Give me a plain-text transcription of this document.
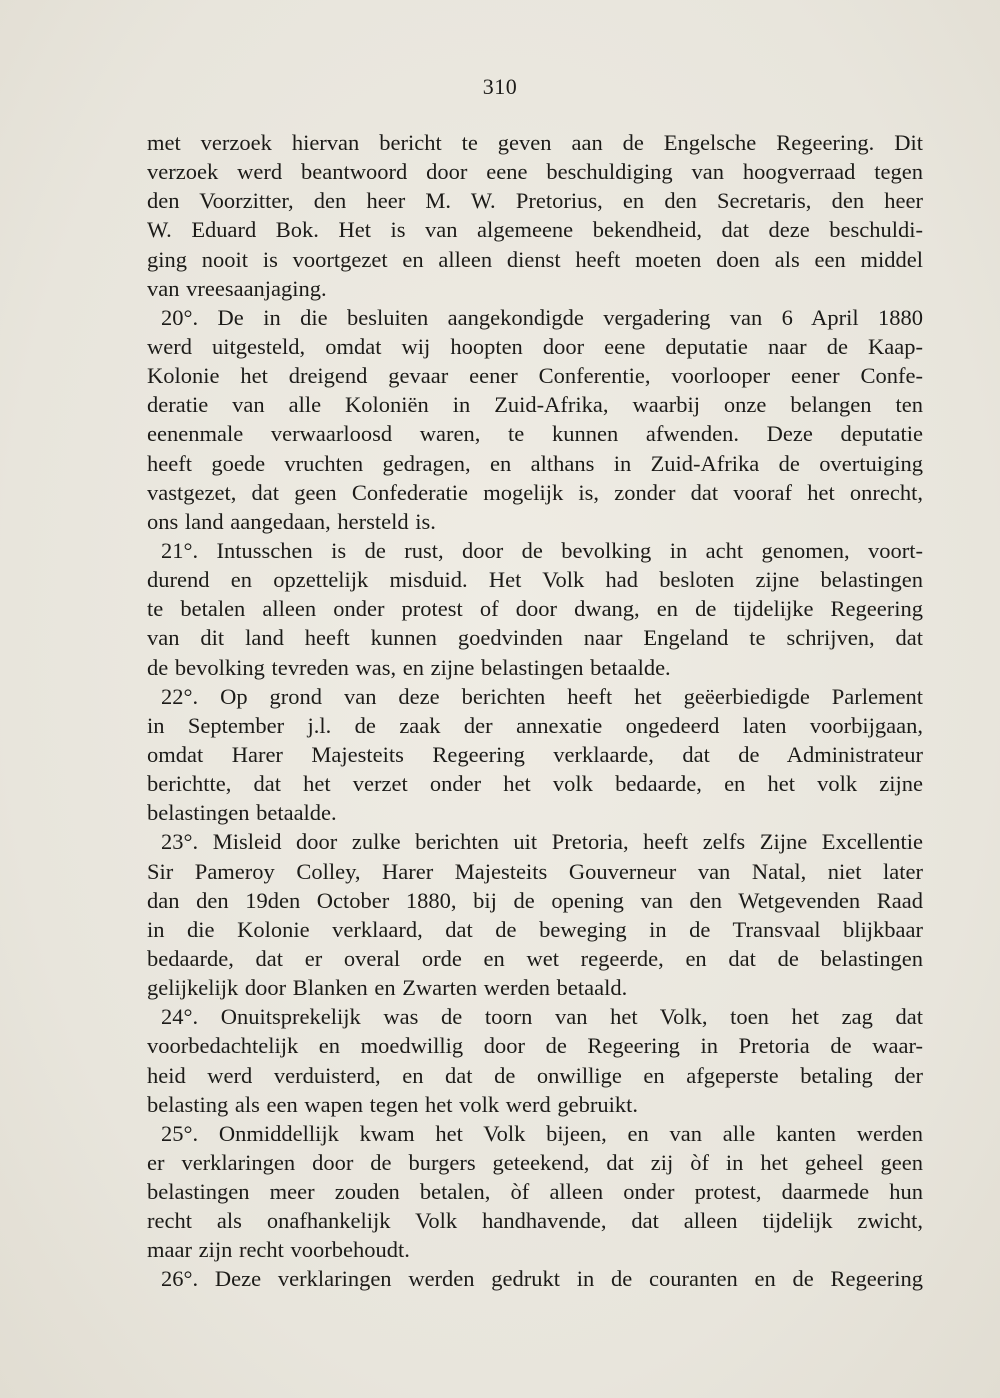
310
met verzoek hiervan bericht te geven aan de Engelsche Regeering. Dit
verzoek werd beantwoord door eene beschuldiging van hoogverraad tegen
den Voorzitter, den heer M. W. Pretorius, en den Secretaris, den heer
W. Eduard Bok. Het is van algemeene bekendheid, dat deze beschuldi-
ging nooit is voortgezet en alleen dienst heeft moeten doen als een middel
van vreesaanjaging.
20°. De in die besluiten aangekondigde vergadering van 6 April 1880
werd uitgesteld, omdat wij hoopten door eene deputatie naar de Kaap-
Kolonie het dreigend gevaar eener Conferentie, voorlooper eener Confe-
deratie van alle Koloniën in Zuid-Afrika, waarbij onze belangen ten
eenenmale verwaarloosd waren, te kunnen afwenden. Deze deputatie
heeft goede vruchten gedragen, en althans in Zuid-Afrika de overtuiging
vastgezet, dat geen Confederatie mogelijk is, zonder dat vooraf het onrecht,
ons land aangedaan, hersteld is.
21°. Intusschen is de rust, door de bevolking in acht genomen, voort-
durend en opzettelijk misduid. Het Volk had besloten zijne belastingen
te betalen alleen onder protest of door dwang, en de tijdelijke Regeering
van dit land heeft kunnen goedvinden naar Engeland te schrijven, dat
de bevolking tevreden was, en zijne belastingen betaalde.
22°. Op grond van deze berichten heeft het geëerbiedigde Parlement
in September j.l. de zaak der annexatie ongedeerd laten voorbijgaan,
omdat Harer Majesteits Regeering verklaarde, dat de Administrateur
berichtte, dat het verzet onder het volk bedaarde, en het volk zijne
belastingen betaalde.
23°. Misleid door zulke berichten uit Pretoria, heeft zelfs Zijne Excellentie
Sir Pameroy Colley, Harer Majesteits Gouverneur van Natal, niet later
dan den 19den October 1880, bij de opening van den Wetgevenden Raad
in die Kolonie verklaard, dat de beweging in de Transvaal blijkbaar
bedaarde, dat er overal orde en wet regeerde, en dat de belastingen
gelijkelijk door Blanken en Zwarten werden betaald.
24°. Onuitsprekelijk was de toorn van het Volk, toen het zag dat
voorbedachtelijk en moedwillig door de Regeering in Pretoria de waar-
heid werd verduisterd, en dat de onwillige en afgeperste betaling der
belasting als een wapen tegen het volk werd gebruikt.
25°. Onmiddellijk kwam het Volk bijeen, en van alle kanten werden
er verklaringen door de burgers geteekend, dat zij òf in het geheel geen
belastingen meer zouden betalen, òf alleen onder protest, daarmede hun
recht als onafhankelijk Volk handhavende, dat alleen tijdelijk zwicht,
maar zijn recht voorbehoudt.
26°. Deze verklaringen werden gedrukt in de couranten en de Regeering
